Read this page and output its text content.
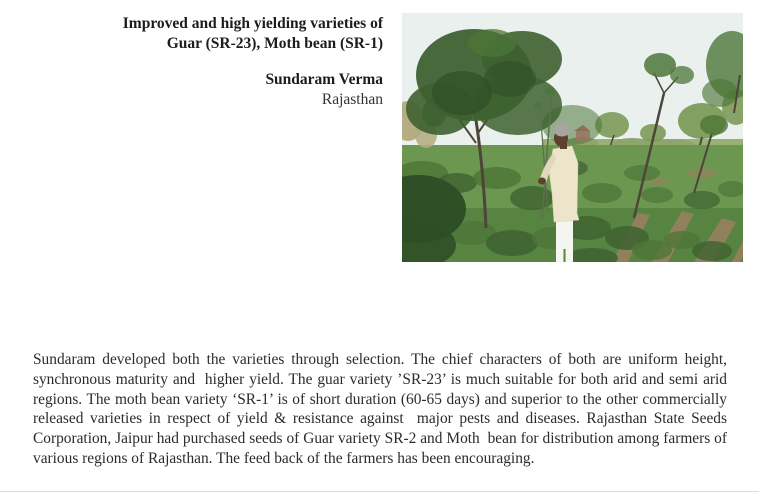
Improved and high yielding varieties of
Guar (SR-23), Moth bean (SR-1)
Sundaram Verma
Rajasthan

Sundaram developed both the varieties through selection. The chief characters of both are uniform height, synchronous maturity and  higher yield. The guar variety ’SR-23’ is much suitable for both arid and semi arid regions. The moth bean variety ‘SR-1’ is of short duration (60-65 days) and superior to the other commercially released varieties in respect of yield & resistance against  major pests and diseases. Rajasthan State Seeds Corporation, Jaipur had purchased seeds of Guar variety SR-2 and Moth  bean for distribution among farmers of various regions of Rajasthan. The feed back of the farmers has been encouraging.
